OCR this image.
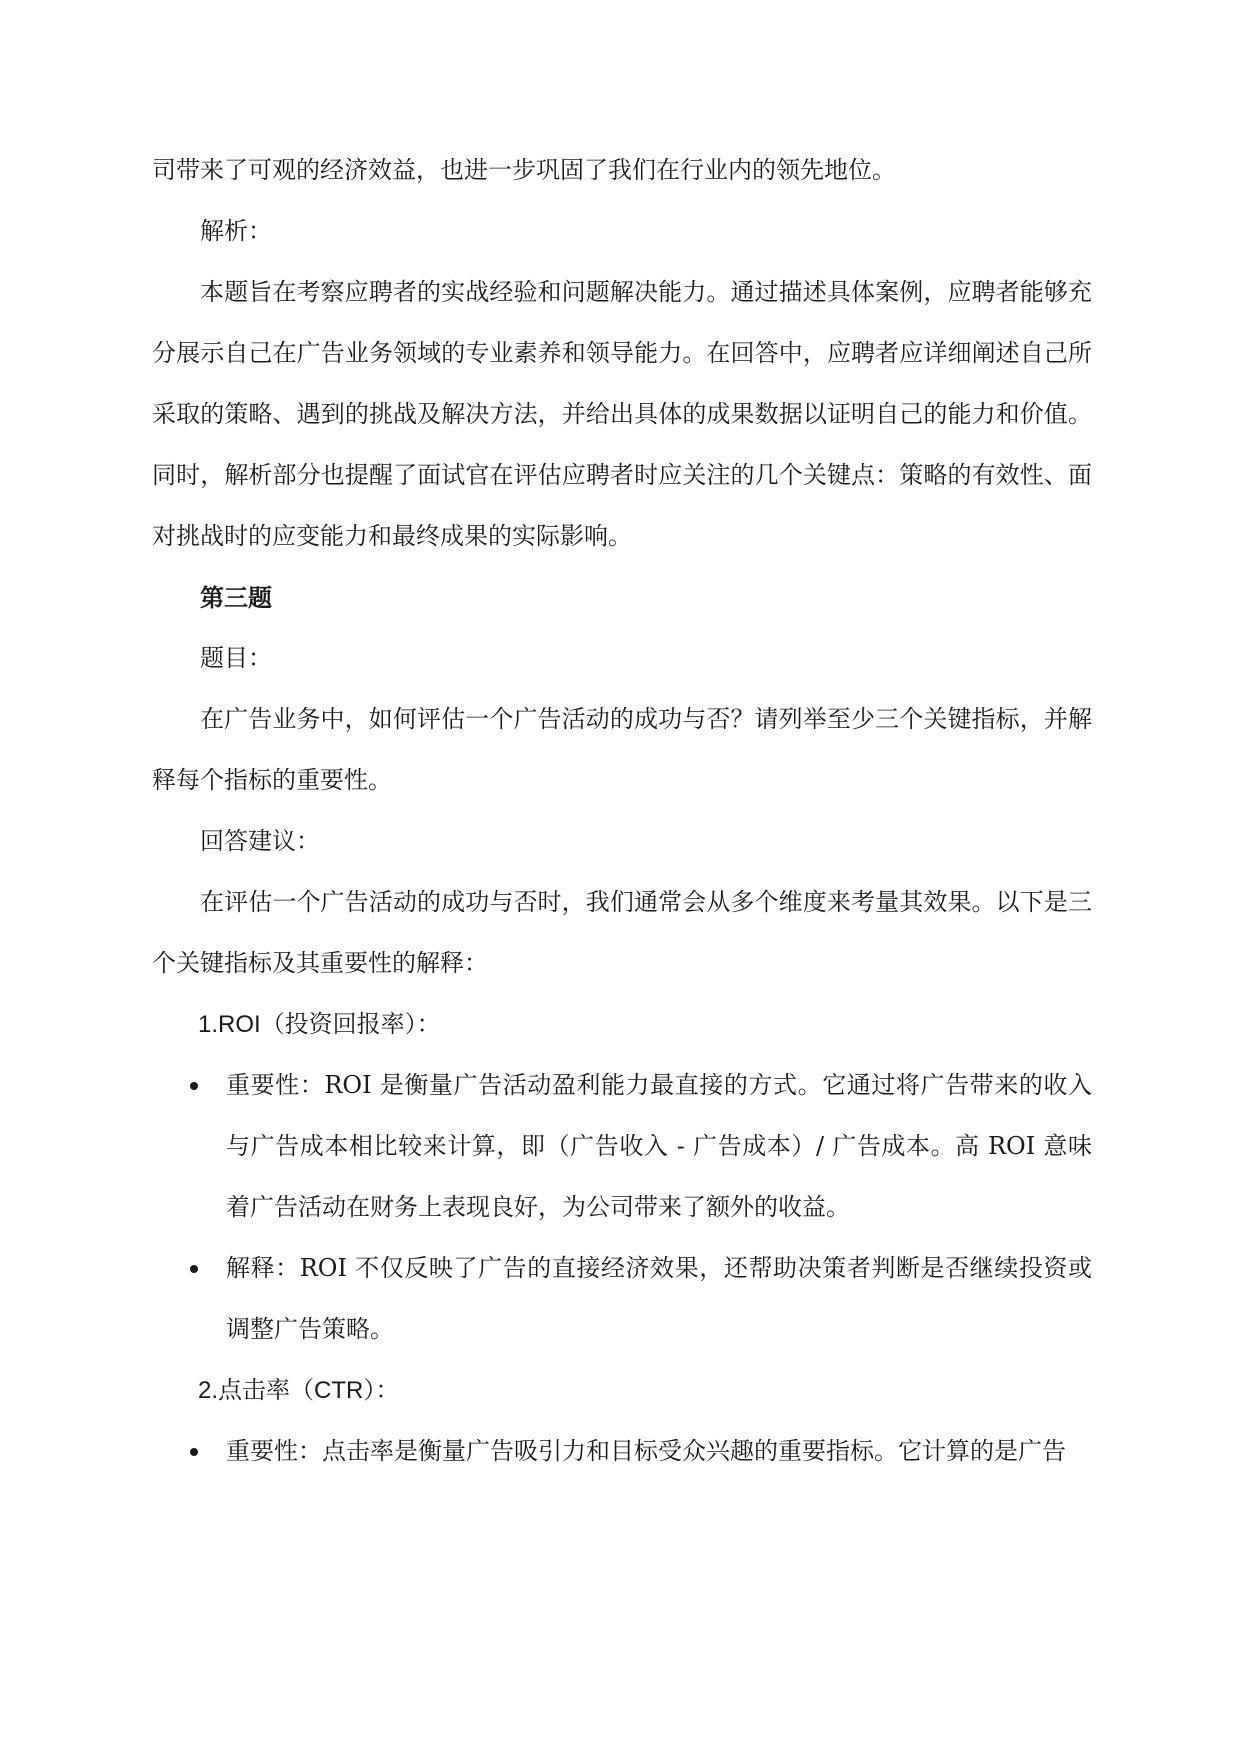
司带来了可观的经济效益，也进一步巩固了我们在行业内的领先地位。

解析：

本题旨在考察应聘者的实战经验和问题解决能力。通过描述具体案例，应聘者能够充分展示自己在广告业务领域的专业素养和领导能力。在回答中，应聘者应详细阐述自己所采取的策略、遇到的挑战及解决方法，并给出具体的成果数据以证明自己的能力和价值。同时，解析部分也提醒了面试官在评估应聘者时应关注的几个关键点：策略的有效性、面对挑战时的应变能力和最终成果的实际影响。

第三题

题目：

在广告业务中，如何评估一个广告活动的成功与否？请列举至少三个关键指标，并解释每个指标的重要性。

回答建议：

在评估一个广告活动的成功与否时，我们通常会从多个维度来考量其效果。以下是三个关键指标及其重要性的解释：

1.ROI（投资回报率）：

重要性：ROI 是衡量广告活动盈利能力最直接的方式。它通过将广告带来的收入与广告成本相比较来计算，即（广告收入 - 广告成本）/ 广告成本。高 ROI 意味着广告活动在财务上表现良好，为公司带来了额外的收益。
解释：ROI 不仅反映了广告的直接经济效果，还帮助决策者判断是否继续投资或调整广告策略。

2.点击率（CTR）：

重要性：点击率是衡量广告吸引力和目标受众兴趣的重要指标。它计算的是广告
